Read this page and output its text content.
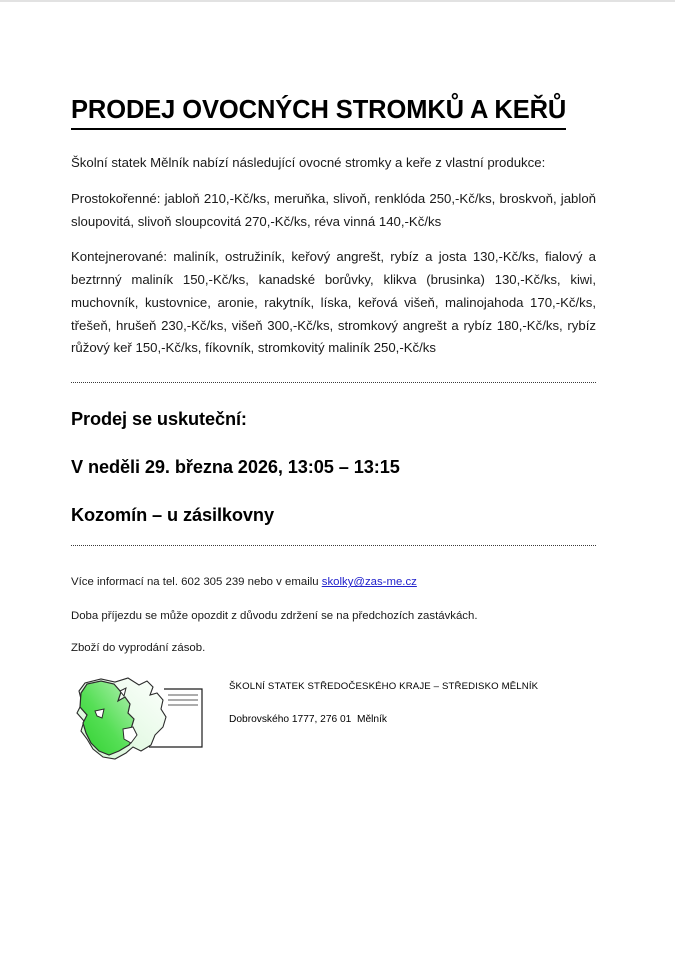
PRODEJ OVOCNÝCH STROMKŮ A KEŘŮ

Školní statek Mělník nabízí následující ovocné stromky a keře z vlastní produkce:

Prostokořenné: jabloň 210,-Kč/ks, meruňka, slivoň, renklóda 250,-Kč/ks, broskvoň, jabloň sloupovitá, slivoň sloupcovitá 270,-Kč/ks, réva vinná 140,-Kč/ks

Kontejnerované: maliník, ostružiník, keřový angrešt, rybíz a josta 130,-Kč/ks, fialový a beztrnný maliník 150,-Kč/ks, kanadské borůvky, klikva (brusinka) 130,-Kč/ks, kiwi, muchovník, kustovnice, aronie, rakytník, líska, keřová višeň, malinojahoda 170,-Kč/ks, třešeň, hrušeň 230,-Kč/ks, višeň 300,-Kč/ks, stromkový angrešt a rybíz 180,-Kč/ks, rybíz růžový keř 150,-Kč/ks, fíkovník, stromkovitý maliník 250,-Kč/ks

Prodej se uskuteční:

V neděli 29. března 2026, 13:05 – 13:15

Kozomín – u zásilkovny

Více informací na tel. 602 305 239 nebo v emailu skolky@zas-me.cz

Doba příjezdu se může opozdit z důvodu zdržení se na předchozích zastávkách.

Zboží do vyprodání zásob.

ŠKOLNÍ STATEK STŘEDOČESKÉHO KRAJE – STŘEDISKO MĚLNÍK

Dobrovského 1777, 276 01  Mělník
